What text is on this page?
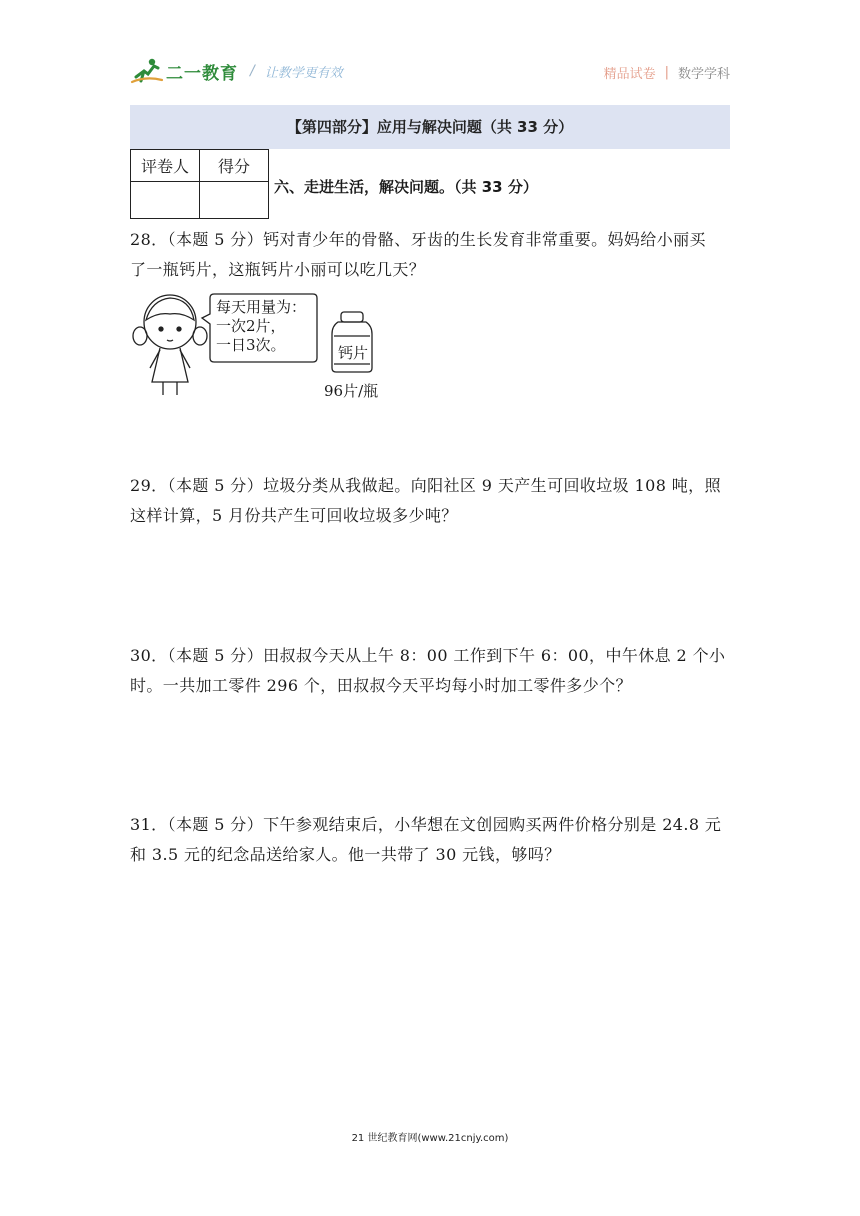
二一教育 / 让教学更有效	精品试卷 | 数学学科
【第四部分】应用与解决问题（共 33 分）
评卷人	得分

六、走进生活，解决问题。（共 33 分）

28．（本题 5 分）钙对青少年的骨骼、牙齿的生长发育非常重要。妈妈给小丽买

了一瓶钙片，这瓶钙片小丽可以吃几天？

每天用量为：
一次2片，
一日3次。	钙片
96片/瓶

29．（本题 5 分）垃圾分类从我做起。向阳社区 9 天产生可回收垃圾 108 吨，照

这样计算，5 月份共产生可回收垃圾多少吨？

30．（本题 5 分）田叔叔今天从上午 8：00 工作到下午 6：00，中午休息 2 个小

时。一共加工零件 296 个，田叔叔今天平均每小时加工零件多少个？

31．（本题 5 分）下午参观结束后，小华想在文创园购买两件价格分别是 24.8 元

和 3.5 元的纪念品送给家人。他一共带了 30 元钱，够吗？

21 世纪教育网(www.21cnjy.com)
